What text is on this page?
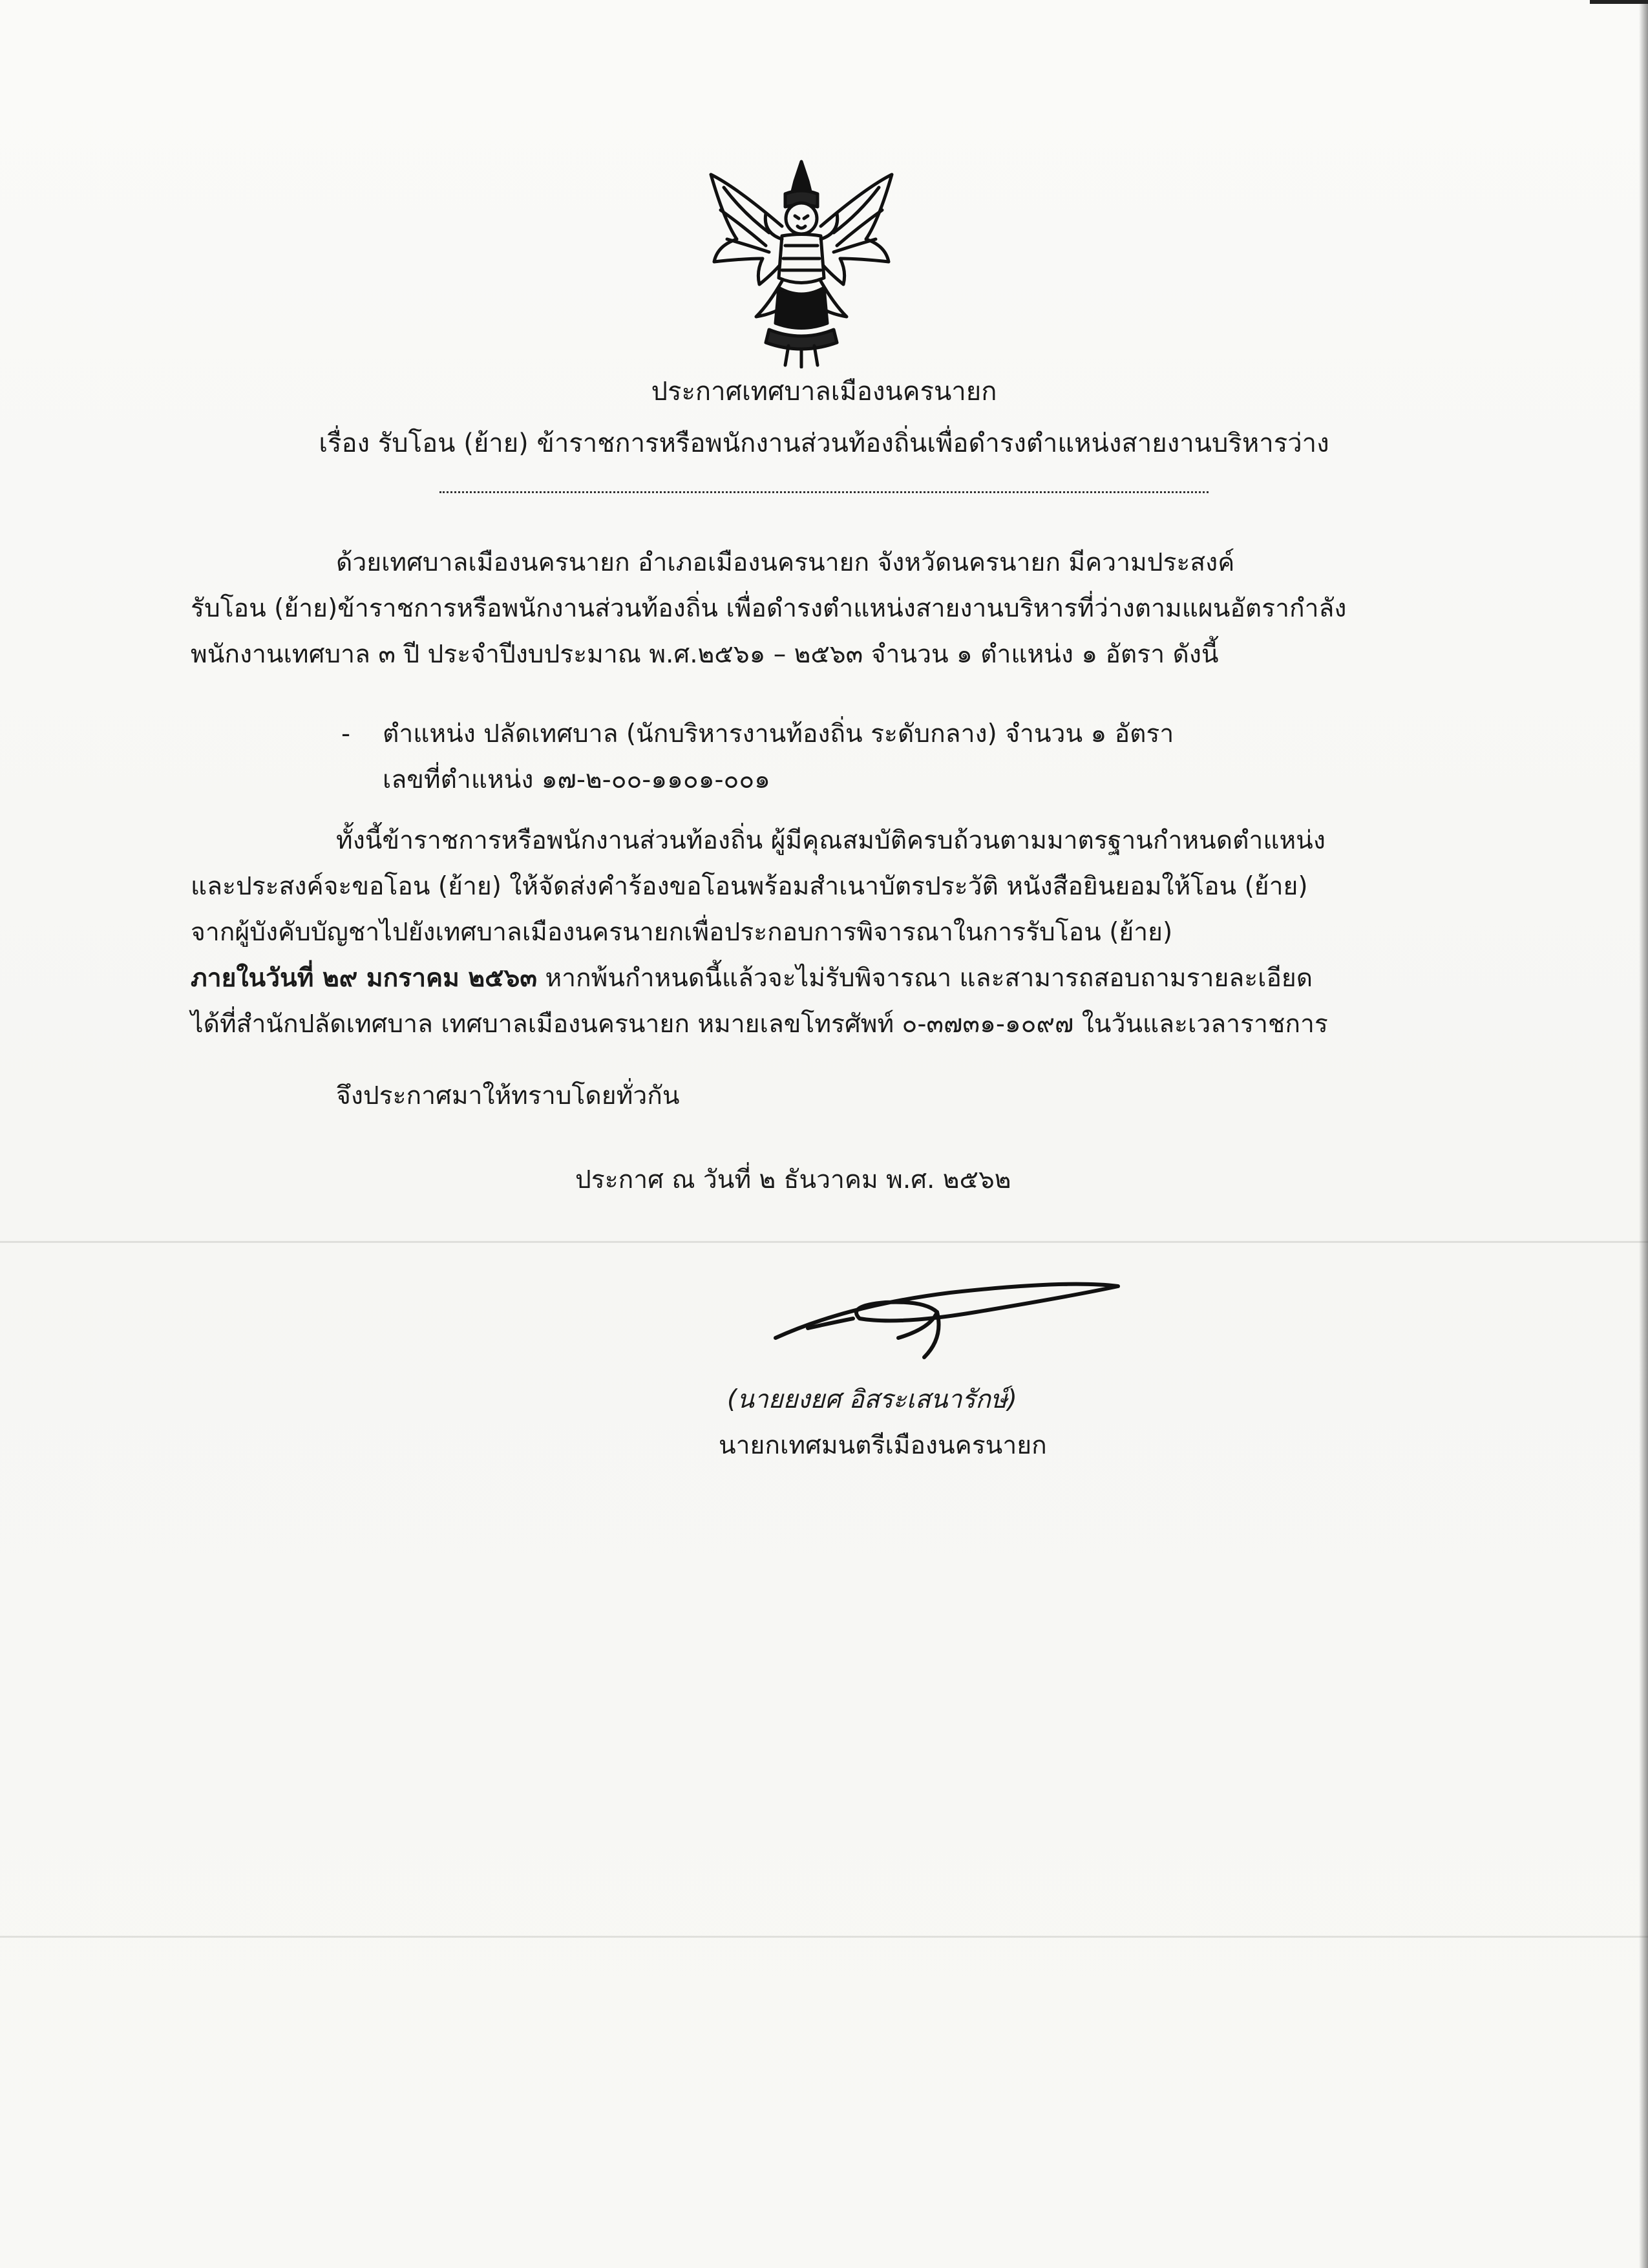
ประกาศเทศบาลเมืองนครนายก
เรื่อง รับโอน (ย้าย) ข้าราชการหรือพนักงานส่วนท้องถิ่นเพื่อดำรงตำแหน่งสายงานบริหารว่าง
ด้วยเทศบาลเมืองนครนายก อำเภอเมืองนครนายก จังหวัดนครนายก มีความประสงค์
รับโอน (ย้าย)ข้าราชการหรือพนักงานส่วนท้องถิ่น เพื่อดำรงตำแหน่งสายงานบริหารที่ว่างตามแผนอัตรากำลัง
พนักงานเทศบาล ๓ ปี ประจำปีงบประมาณ พ.ศ.๒๕๖๑ – ๒๕๖๓ จำนวน ๑ ตำแหน่ง ๑ อัตรา ดังนี้
- ตำแหน่ง ปลัดเทศบาล (นักบริหารงานท้องถิ่น ระดับกลาง) จำนวน ๑ อัตรา
เลขที่ตำแหน่ง ๑๗-๒-๐๐-๑๑๐๑-๐๐๑
ทั้งนี้ข้าราชการหรือพนักงานส่วนท้องถิ่น ผู้มีคุณสมบัติครบถ้วนตามมาตรฐานกำหนดตำแหน่ง
และประสงค์จะขอโอน (ย้าย) ให้จัดส่งคำร้องขอโอนพร้อมสำเนาบัตรประวัติ หนังสือยินยอมให้โอน (ย้าย)
จากผู้บังคับบัญชาไปยังเทศบาลเมืองนครนายกเพื่อประกอบการพิจารณาในการรับโอน (ย้าย)
ภายในวันที่ ๒๙ มกราคม ๒๕๖๓ หากพ้นกำหนดนี้แล้วจะไม่รับพิจารณา และสามารถสอบถามรายละเอียด
ได้ที่สำนักปลัดเทศบาล เทศบาลเมืองนครนายก หมายเลขโทรศัพท์ ๐-๓๗๓๑-๑๐๙๗ ในวันและเวลาราชการ
จึงประกาศมาให้ทราบโดยทั่วกัน
ประกาศ ณ วันที่ ๒ ธันวาคม พ.ศ. ๒๕๖๒
(นายยงยศ อิสระเสนารักษ์)
นายกเทศมนตรีเมืองนครนายก
